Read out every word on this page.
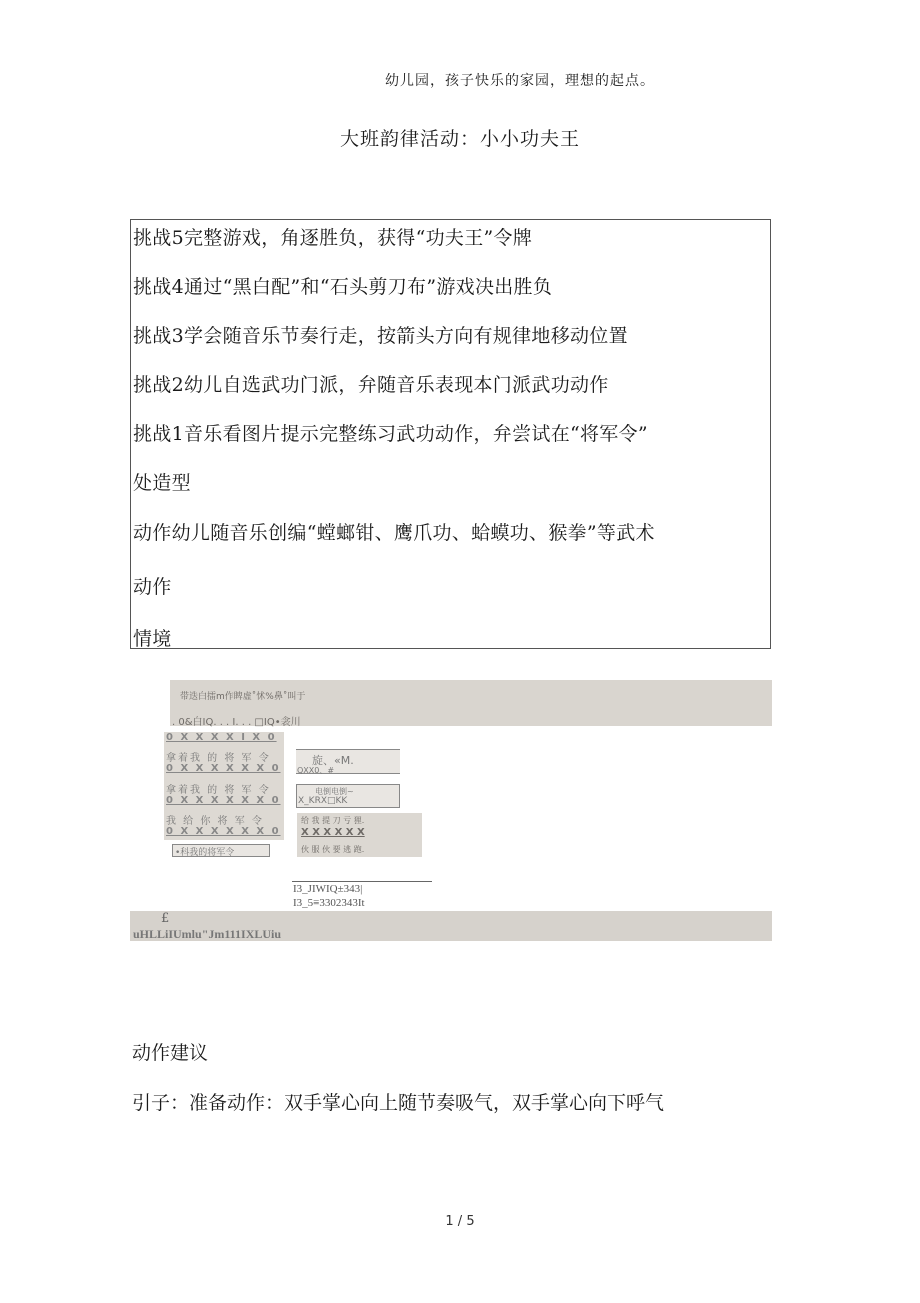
幼儿园，孩子快乐的家园，理想的起点。
大班韵律活动：小小功夫王
挑战5完整游戏，角逐胜负，获得“功夫王”令牌
挑战4通过“黑白配”和“石头剪刀布”游戏决出胜负
挑战3学会随音乐节奏行走，按箭头方向有规律地移动位置
挑战2幼儿自选武功门派，弁随音乐表现本门派武功动作
挑战1音乐看图片提示完整练习武功动作，弁尝试在“将军令”
处造型
动作幼儿随音乐创编“螳螂钳、鹰爪功、蛤蟆功、猴拳”等武术
动作
情境
带迭白擂m作睥虛˚怵%鼻˚叫于
. 0&白IQ. . . I. . . □IQ•衾川
0 X X X X I X 0
拿着我 的 将 军 令
0 X X X X X X 0
拿着我 的 将 军 令
0 X X X X X X 0
我 给 你 将 军 令
0 X X X X X X 0
•科我的将军令
旋、«M.
QXX0、#
电倒电倒~
X_KRX□KK
给 我 提 刀 亏 狸.
X X X X X X
伙 服 伙 要 逃 跑.
I3_JIWIQ±343|
I3_5≡3302343It
£
uHLLiIUmlu"Jm111IXLUiu
动作建议
引子：准备动作：双手掌心向上随节奏吸气，双手掌心向下呼气
1 / 5
